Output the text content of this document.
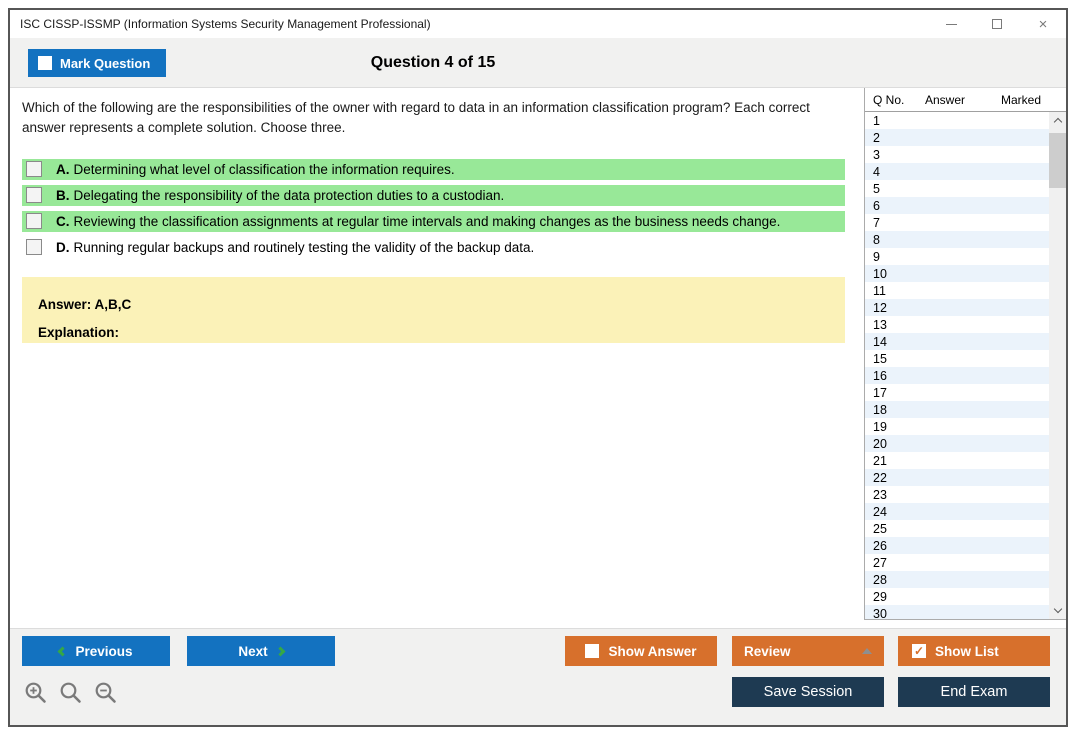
ISC CISSP-ISSMP (Information Systems Security Management Professional)	×
Mark Question	Question 4 of 15
Which of the following are the responsibilities of the owner with regard to data in an information classification program? Each correct answer represents a complete solution. Choose three.
A. Determining what level of classification the information requires.
B. Delegating the responsibility of the data protection duties to a custodian.
C. Reviewing the classification assignments at regular time intervals and making changes as the business needs change.
D. Running regular backups and routinely testing the validity of the backup data.
Answer: A,B,C
Explanation:
Q No.	Answer	Marked
1
2
3
4
5
6
7
8
9
10
11
12
13
14
15
16
17
18
19
20
21
22
23
24
25
26
27
28
29
30
Previous	Next	Show Answer	Review	✓ Show List
Save Session	End Exam
